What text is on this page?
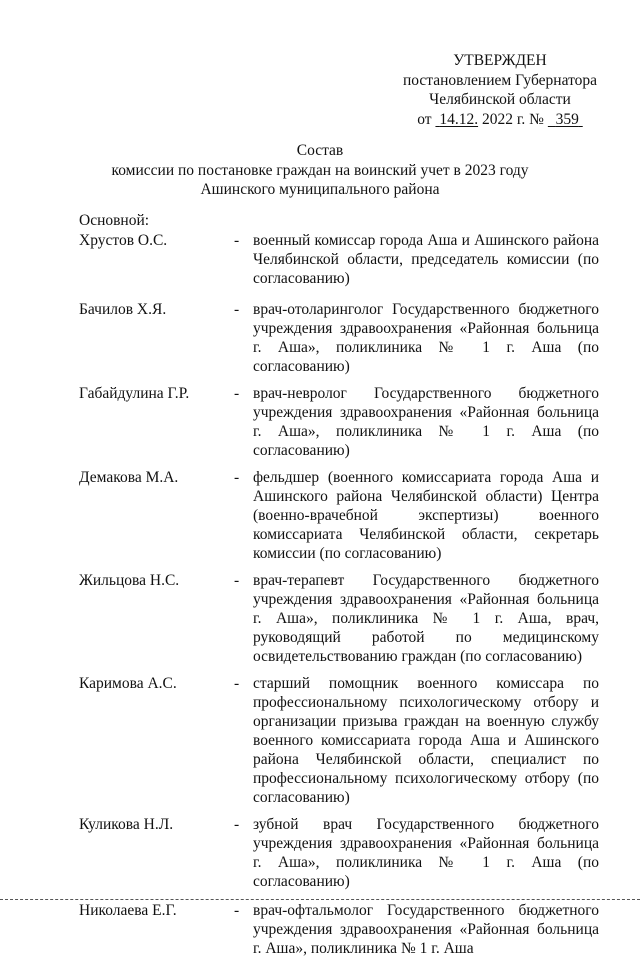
УТВЕРЖДЕН
постановлением Губернатора
Челябинской области
от 14.12. 2022 г. № 359
Состав
комиссии по постановке граждан на воинский учет в 2023 году
Ашинского муниципального района
Основной:
Хрустов О.С.	- военный комиссар города Аша и Ашинского района Челябинской области, председатель комиссии (по согласованию)
Бачилов Х.Я.	- врач-отоларинголог Государственного бюджетного учреждения здравоохранения «Районная больница г. Аша», поликлиника № 1 г. Аша (по согласованию)
Габайдулина Г.Р.	- врач-невролог Государственного бюджетного учреждения здравоохранения «Районная больница г. Аша», поликлиника № 1 г. Аша (по согласованию)
Демакова М.А.	- фельдшер (военного комиссариата города Аша и Ашинского района Челябинской области) Центра (военно-врачебной экспертизы) военного комиссариата Челябинской области, секретарь комиссии (по согласованию)
Жильцова Н.С.	- врач-терапевт Государственного бюджетного учреждения здравоохранения «Районная больница г. Аша», поликлиника № 1 г. Аша, врач, руководящий работой по медицинскому освидетельствованию граждан (по согласованию)
Каримова А.С.	- старший помощник военного комиссара по профессиональному психологическому отбору и организации призыва граждан на военную службу военного комиссариата города Аша и Ашинского района Челябинской области, специалист по профессиональному психологическому отбору (по согласованию)
Куликова Н.Л.	- зубной врач Государственного бюджетного учреждения здравоохранения «Районная больница г. Аша», поликлиника № 1 г. Аша (по согласованию)
Николаева Е.Г.	- врач-офтальмолог Государственного бюджетного учреждения здравоохранения «Районная больница г. Аша», поликлиника № 1 г. Аша
